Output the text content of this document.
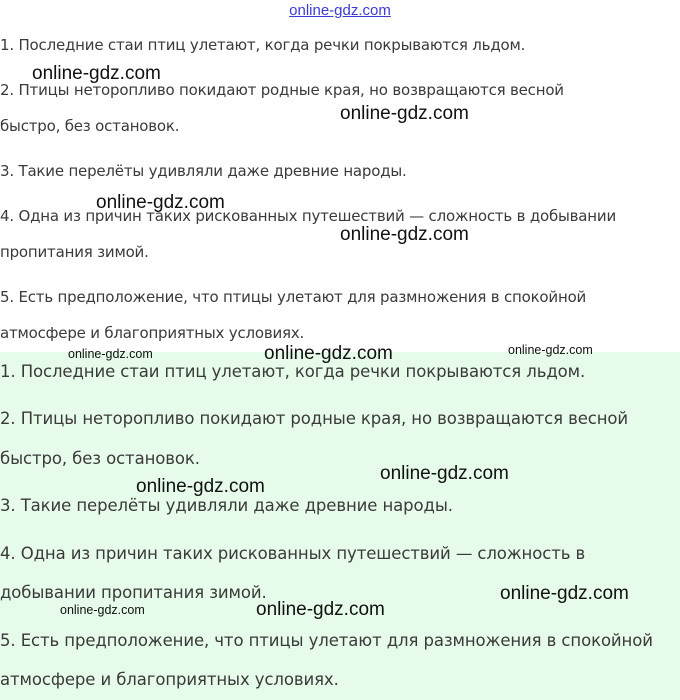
1. Последние стаи птиц улетают, когда речки покрываются льдом.
2. Птицы неторопливо покидают родные края, но возвращаются весной
быстро, без остановок.
3. Такие перелёты удивляли даже древние народы.
4. Одна из причин таких рискованных путешествий — сложность в добывании
пропитания зимой.
5. Есть предположение, что птицы улетают для размножения в спокойной
атмосфере и благоприятных условиях.
1. Последние стаи птиц улетают, когда речки покрываются льдом.
2. Птицы неторопливо покидают родные края, но возвращаются весной
быстро, без остановок.
3. Такие перелёты удивляли даже древние народы.
4. Одна из причин таких рискованных путешествий — сложность в
добывании пропитания зимой.
5. Есть предположение, что птицы улетают для размножения в спокойной
атмосфере и благоприятных условиях.
online-gdz.com
online-gdz.com
online-gdz.com
online-gdz.com
online-gdz.com
online-gdz.com	online-gdz.com	online-gdz.com
online-gdz.com
online-gdz.com
online-gdz.com
online-gdz.com	online-gdz.com
